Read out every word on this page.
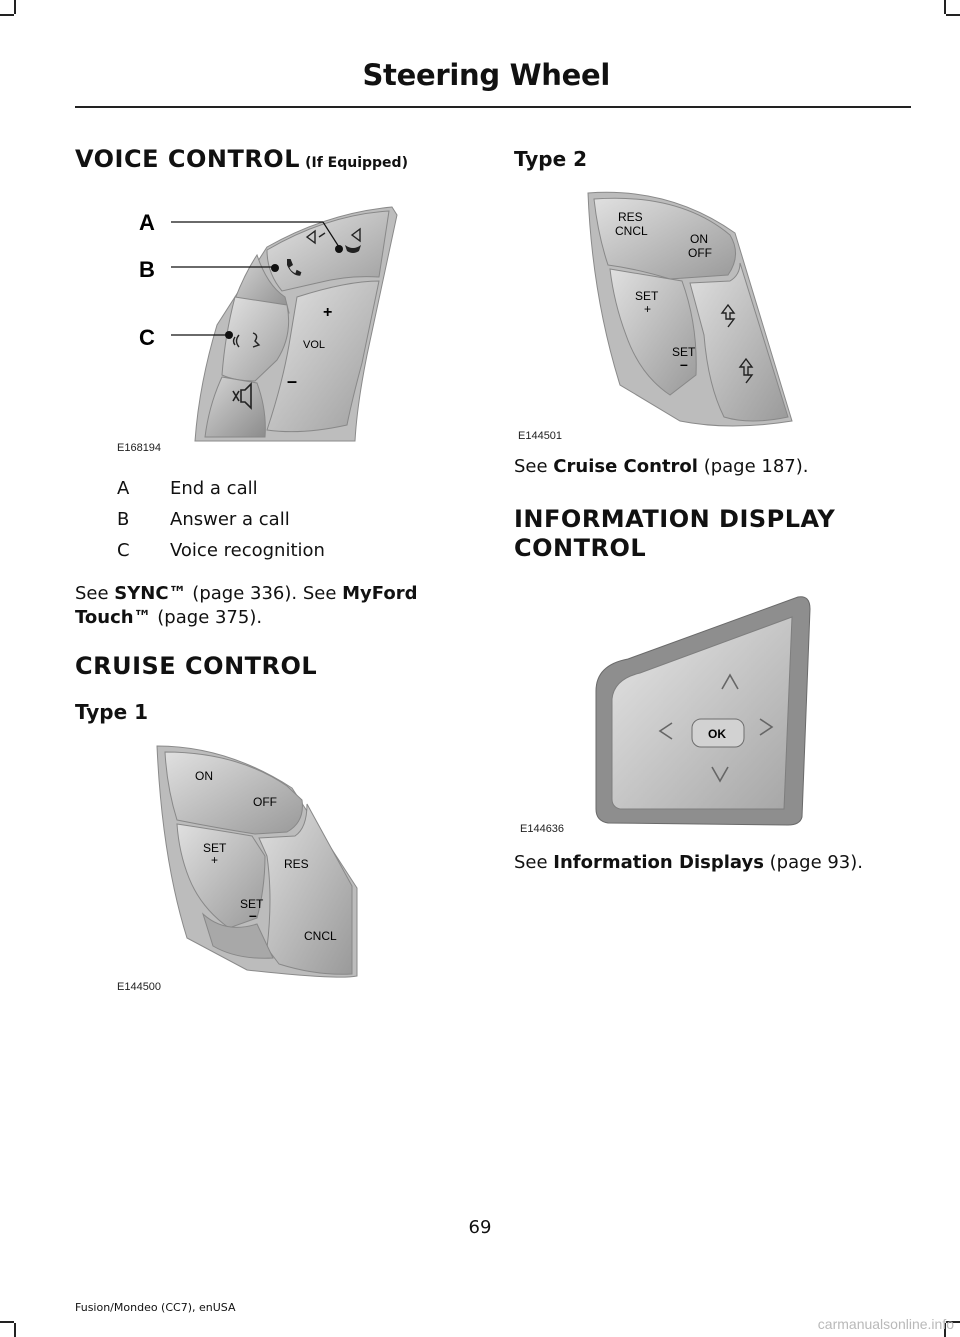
Steering Wheel
VOICE CONTROL (If Equipped)
+
VOL
–
A
B
C
E168194
A End a call
B Answer a call
C Voice recognition
See SYNC™ (page 336). See MyFord
Touch™ (page 375).
CRUISE CONTROL
Type 1
ON
OFF
SET
+	RES
SET
–
CNCL
E144500
Type 2
RES
CNCL
ON
OFF
SET
+
SET
–
E144501
See Cruise Control (page 187).
INFORMATION DISPLAY
CONTROL
OK
E144636
See Information Displays (page 93).
69
Fusion/Mondeo (CC7), enUSA
carmanualsonline.info
